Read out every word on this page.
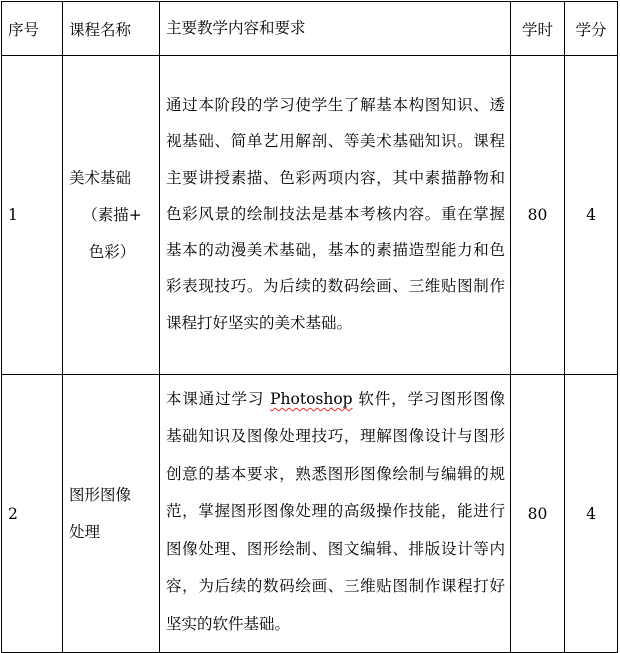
序号	课程名称	主要教学内容和要求	学时	学分
1	美术基础
（素描+
色彩）	通过本阶段的学习使学生了解基本构图知识、透视基础、简单艺用解剖、等美术基础知识。课程主要讲授素描、色彩两项内容，其中素描静物和色彩风景的绘制技法是基本考核内容。重在掌握基本的动漫美术基础，基本的素描造型能力和色彩表现技巧。为后续的数码绘画、三维贴图制作课程打好坚实的美术基础。	80	4
2	图形图像
处理	本课通过学习 Photoshop 软件，学习图形图像基础知识及图像处理技巧，理解图像设计与图形创意的基本要求，熟悉图形图像绘制与编辑的规范，掌握图形图像处理的高级操作技能，能进行图像处理、图形绘制、图文编辑、排版设计等内容，为后续的数码绘画、三维贴图制作课程打好坚实的软件基础。	80	4
